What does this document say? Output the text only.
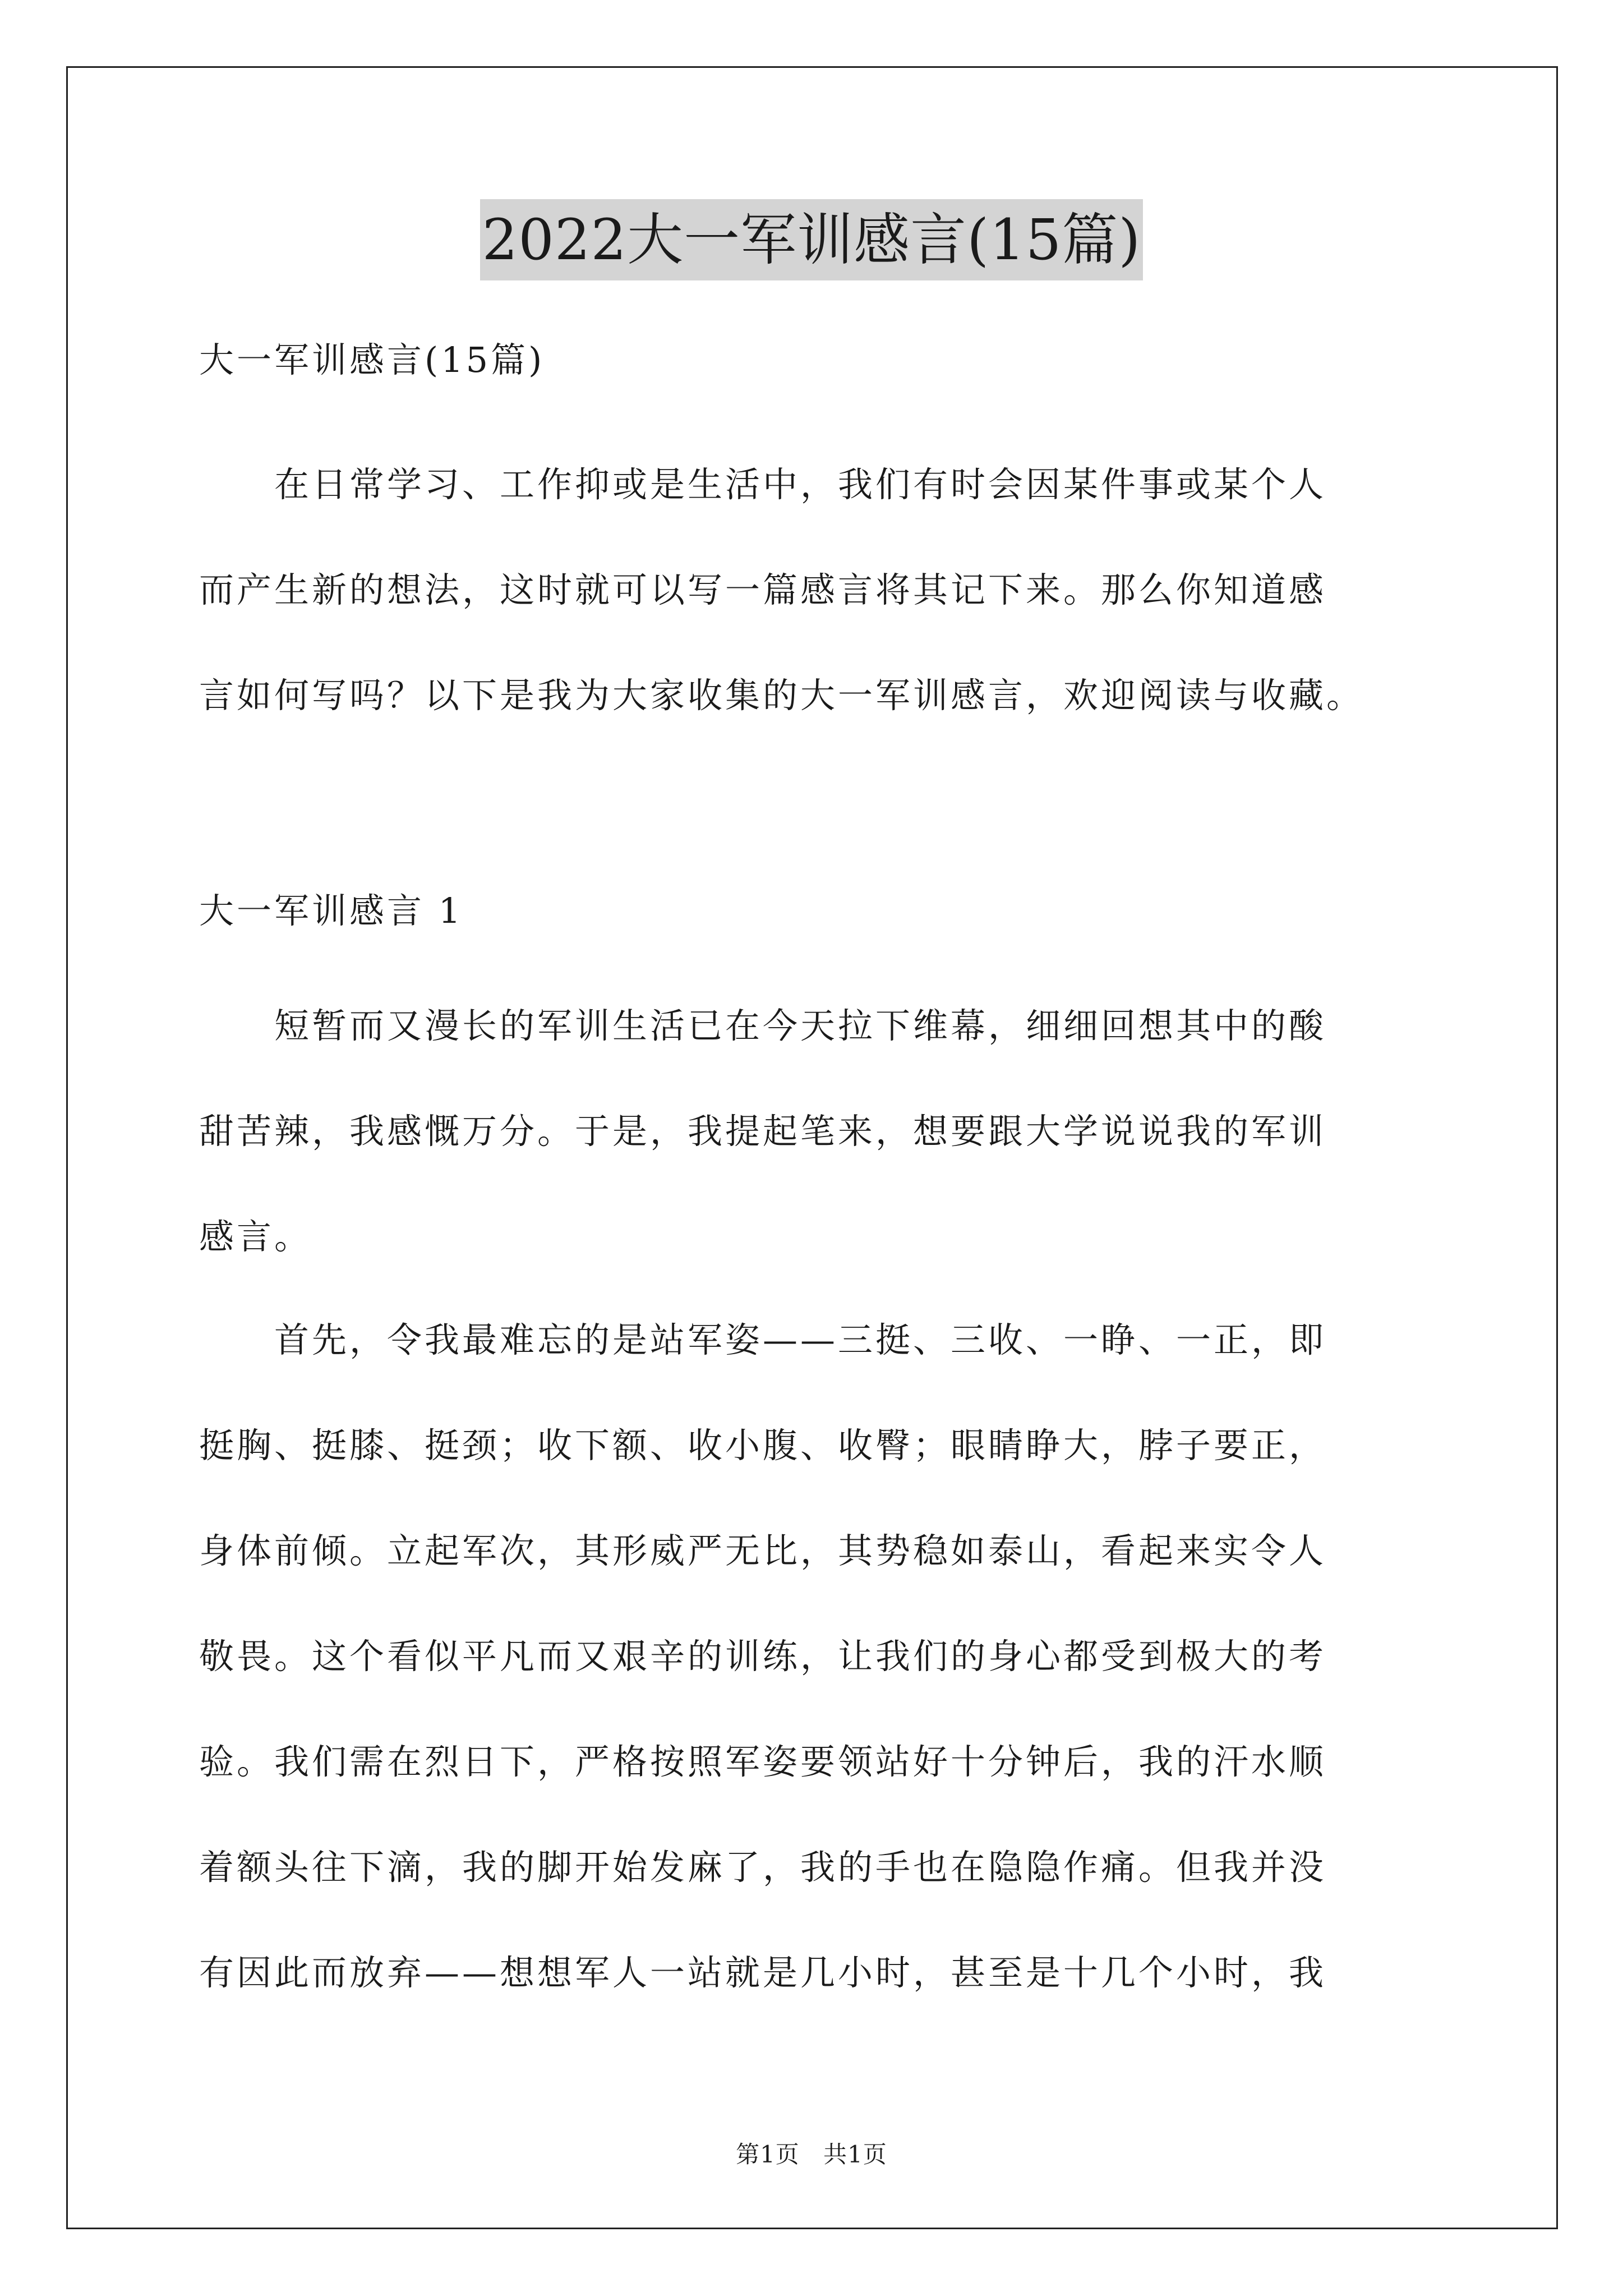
2022大一军训感言(15篇)

大一军训感言(15篇)

　　在日常学习、工作抑或是生活中，我们有时会因某件事或某个人
而产生新的想法，这时就可以写一篇感言将其记下来。那么你知道感
言如何写吗？以下是我为大家收集的大一军训感言，欢迎阅读与收藏。

大一军训感言 1

　　短暂而又漫长的军训生活已在今天拉下维幕，细细回想其中的酸
甜苦辣，我感慨万分。于是，我提起笔来，想要跟大学说说我的军训
感言。

　　首先，令我最难忘的是站军姿——三挺、三收、一睁、一正，即
挺胸、挺膝、挺颈；收下额、收小腹、收臀；眼睛睁大，脖子要正，
身体前倾。立起军次，其形威严无比，其势稳如泰山，看起来实令人
敬畏。这个看似平凡而又艰辛的训练，让我们的身心都受到极大的考
验。我们需在烈日下，严格按照军姿要领站好十分钟后，我的汗水顺
着额头往下滴，我的脚开始发麻了，我的手也在隐隐作痛。但我并没
有因此而放弃——想想军人一站就是几小时，甚至是十几个小时，我

第1页 共1页
